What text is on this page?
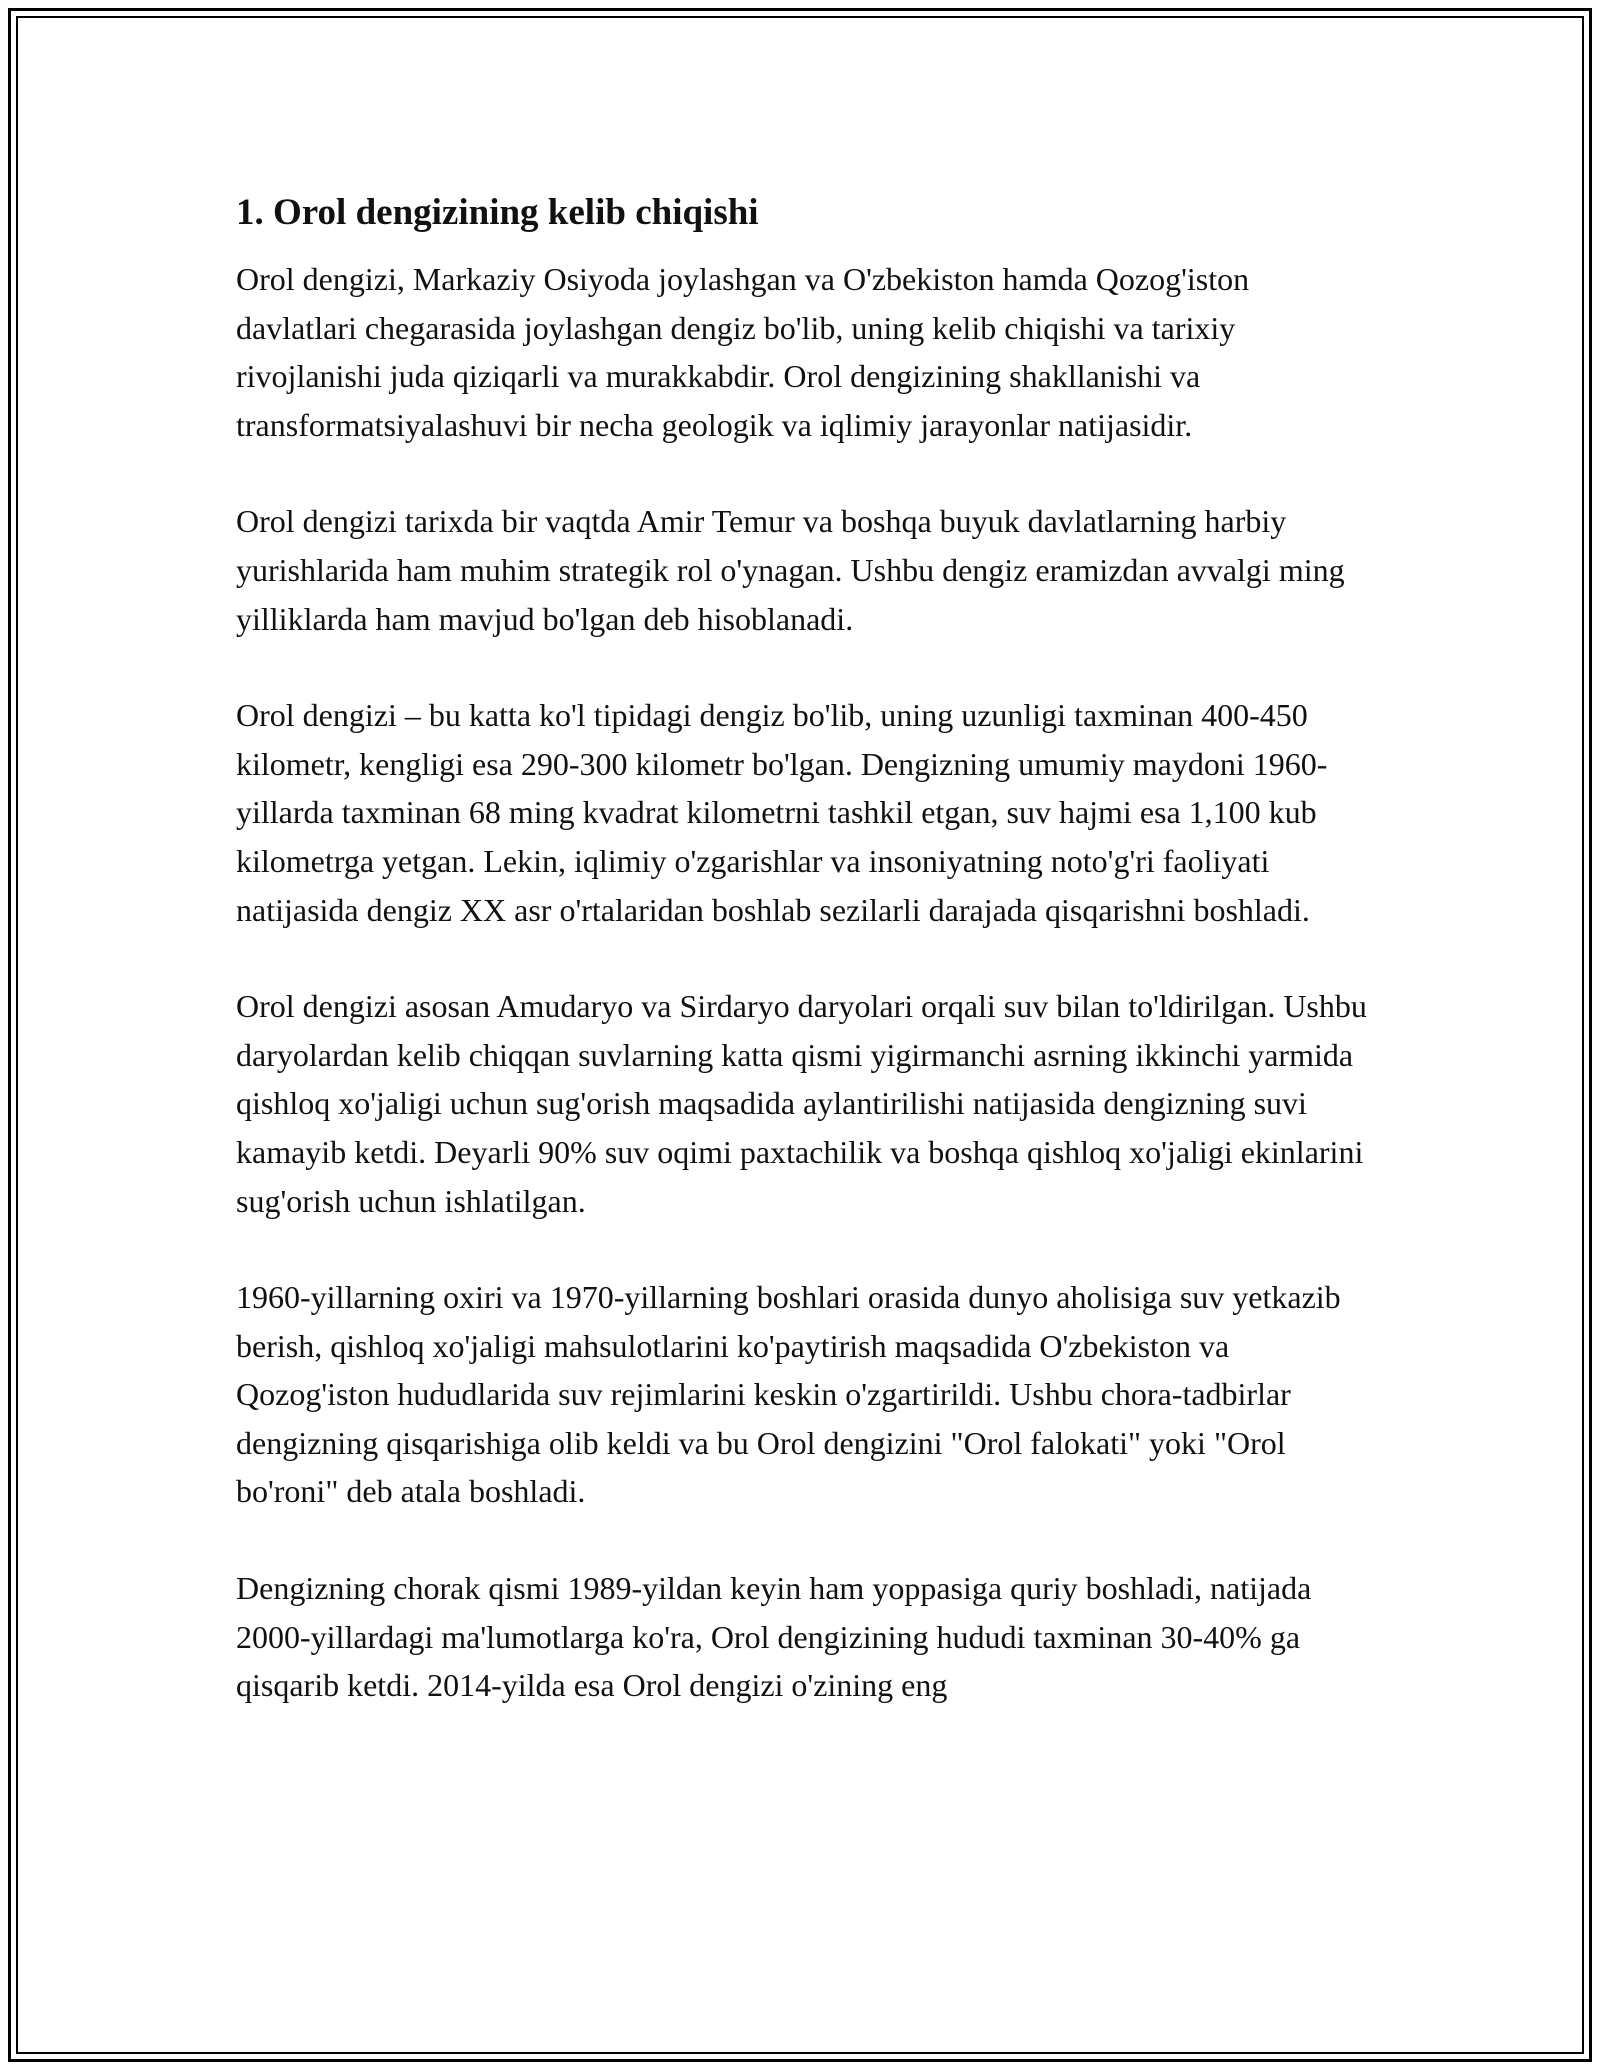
1. Orol dengizining kelib chiqishi

Orol dengizi, Markaziy Osiyoda joylashgan va O'zbekiston hamda Qozog'iston davlatlari chegarasida joylashgan dengiz bo'lib, uning kelib chiqishi va tarixiy rivojlanishi juda qiziqarli va murakkabdir. Orol dengizining shakllanishi va transformatsiyalashuvi bir necha geologik va iqlimiy jarayonlar natijasidir.

Orol dengizi tarixda bir vaqtda Amir Temur va boshqa buyuk davlatlarning harbiy yurishlarida ham muhim strategik rol o'ynagan. Ushbu dengiz eramizdan avvalgi ming yilliklarda ham mavjud bo'lgan deb hisoblanadi.

Orol dengizi – bu katta ko'l tipidagi dengiz bo'lib, uning uzunligi taxminan 400-450 kilometr, kengligi esa 290-300 kilometr bo'lgan. Dengizning umumiy maydoni 1960-yillarda taxminan 68 ming kvadrat kilometrni tashkil etgan, suv hajmi esa 1,100 kub kilometrga yetgan. Lekin, iqlimiy o'zgarishlar va insoniyatning noto'g'ri faoliyati natijasida dengiz XX asr o'rtalaridan boshlab sezilarli darajada qisqarishni boshladi.

Orol dengizi asosan Amudaryo va Sirdaryo daryolari orqali suv bilan to'ldirilgan. Ushbu daryolardan kelib chiqqan suvlarning katta qismi yigirmanchi asrning ikkinchi yarmida qishloq xo'jaligi uchun sug'orish maqsadida aylantirilishi natijasida dengizning suvi kamayib ketdi. Deyarli 90% suv oqimi paxtachilik va boshqa qishloq xo'jaligi ekinlarini sug'orish uchun ishlatilgan.

1960-yillarning oxiri va 1970-yillarning boshlari orasida dunyo aholisiga suv yetkazib berish, qishloq xo'jaligi mahsulotlarini ko'paytirish maqsadida O'zbekiston va Qozog'iston hududlarida suv rejimlarini keskin o'zgartirildi. Ushbu chora-tadbirlar dengizning qisqarishiga olib keldi va bu Orol dengizini "Orol falokati" yoki "Orol bo'roni" deb atala boshladi.

Dengizning chorak qismi 1989-yildan keyin ham yoppasiga quriy boshladi, natijada 2000-yillardagi ma'lumotlarga ko'ra, Orol dengizining hududi taxminan 30-40% ga qisqarib ketdi. 2014-yilda esa Orol dengizi o'zining eng
